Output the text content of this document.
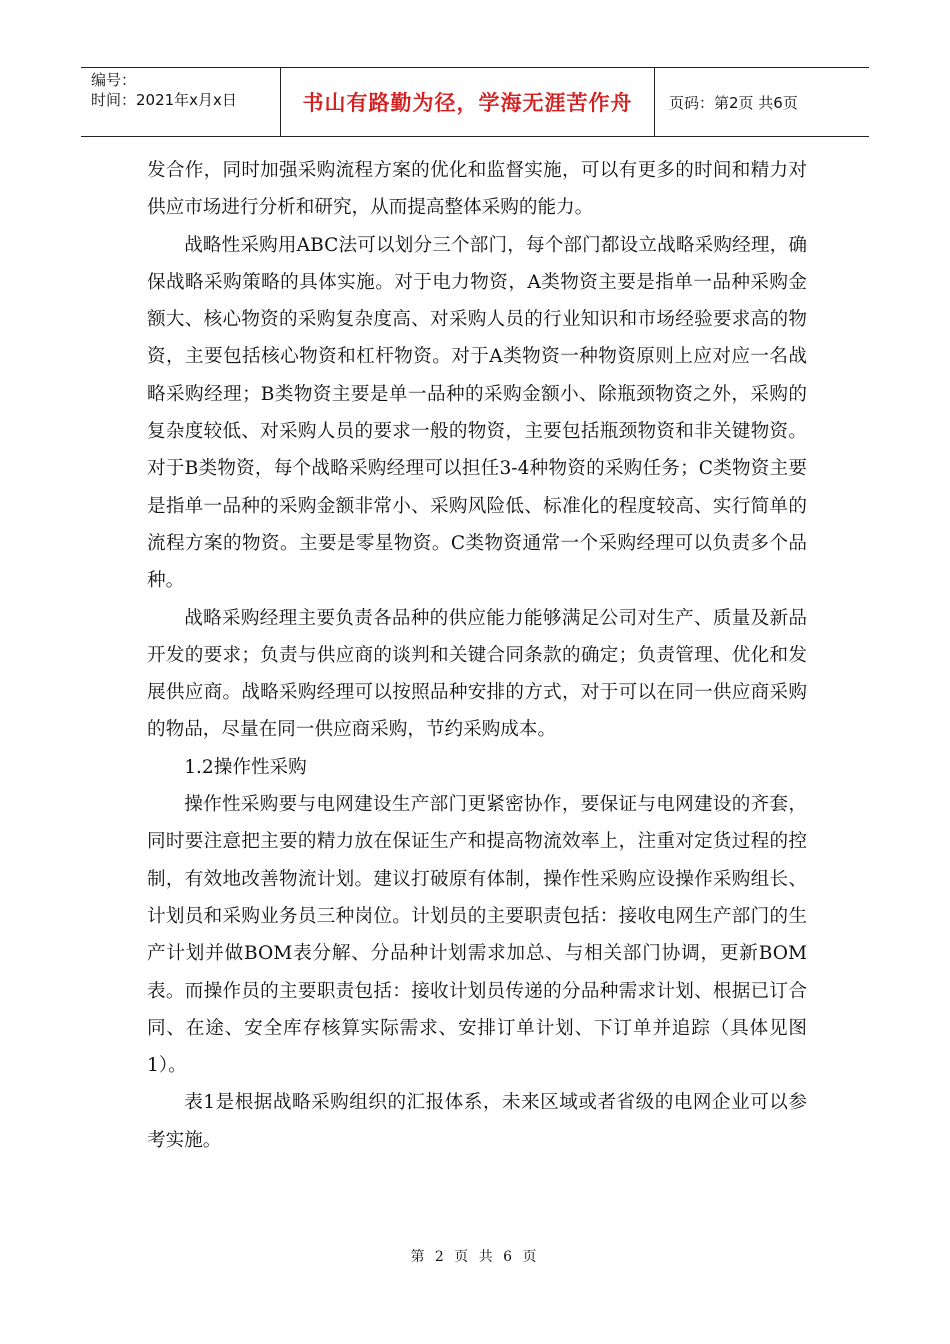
编号：
时间：2021年x月x日	书山有路勤为径，学海无涯苦作舟	页码：第2页 共6页

发合作，同时加强采购流程方案的优化和监督实施，可以有更多的时间和精力对供应市场进行分析和研究，从而提高整体采购的能力。

战略性采购用ABC法可以划分三个部门，每个部门都设立战略采购经理，确保战略采购策略的具体实施。对于电力物资，A类物资主要是指单一品种采购金额大、核心物资的采购复杂度高、对采购人员的行业知识和市场经验要求高的物资，主要包括核心物资和杠杆物资。对于A类物资一种物资原则上应对应一名战略采购经理；B类物资主要是单一品种的采购金额小、除瓶颈物资之外，采购的复杂度较低、对采购人员的要求一般的物资，主要包括瓶颈物资和非关键物资。对于B类物资，每个战略采购经理可以担任3-4种物资的采购任务；C类物资主要是指单一品种的采购金额非常小、采购风险低、标准化的程度较高、实行简单的流程方案的物资。主要是零星物资。C类物资通常一个采购经理可以负责多个品种。

战略采购经理主要负责各品种的供应能力能够满足公司对生产、质量及新品开发的要求；负责与供应商的谈判和关键合同条款的确定；负责管理、优化和发展供应商。战略采购经理可以按照品种安排的方式，对于可以在同一供应商采购的物品，尽量在同一供应商采购，节约采购成本。

1.2操作性采购

操作性采购要与电网建设生产部门更紧密协作，要保证与电网建设的齐套，同时要注意把主要的精力放在保证生产和提高物流效率上，注重对定货过程的控制，有效地改善物流计划。建议打破原有体制，操作性采购应设操作采购组长、计划员和采购业务员三种岗位。计划员的主要职责包括：接收电网生产部门的生产计划并做BOM表分解、分品种计划需求加总、与相关部门协调，更新BOM表。而操作员的主要职责包括：接收计划员传递的分品种需求计划、根据已订合同、在途、安全库存核算实际需求、安排订单计划、下订单并追踪（具体见图1）。

表1是根据战略采购组织的汇报体系，未来区域或者省级的电网企业可以参考实施。

第 2 页 共 6 页
